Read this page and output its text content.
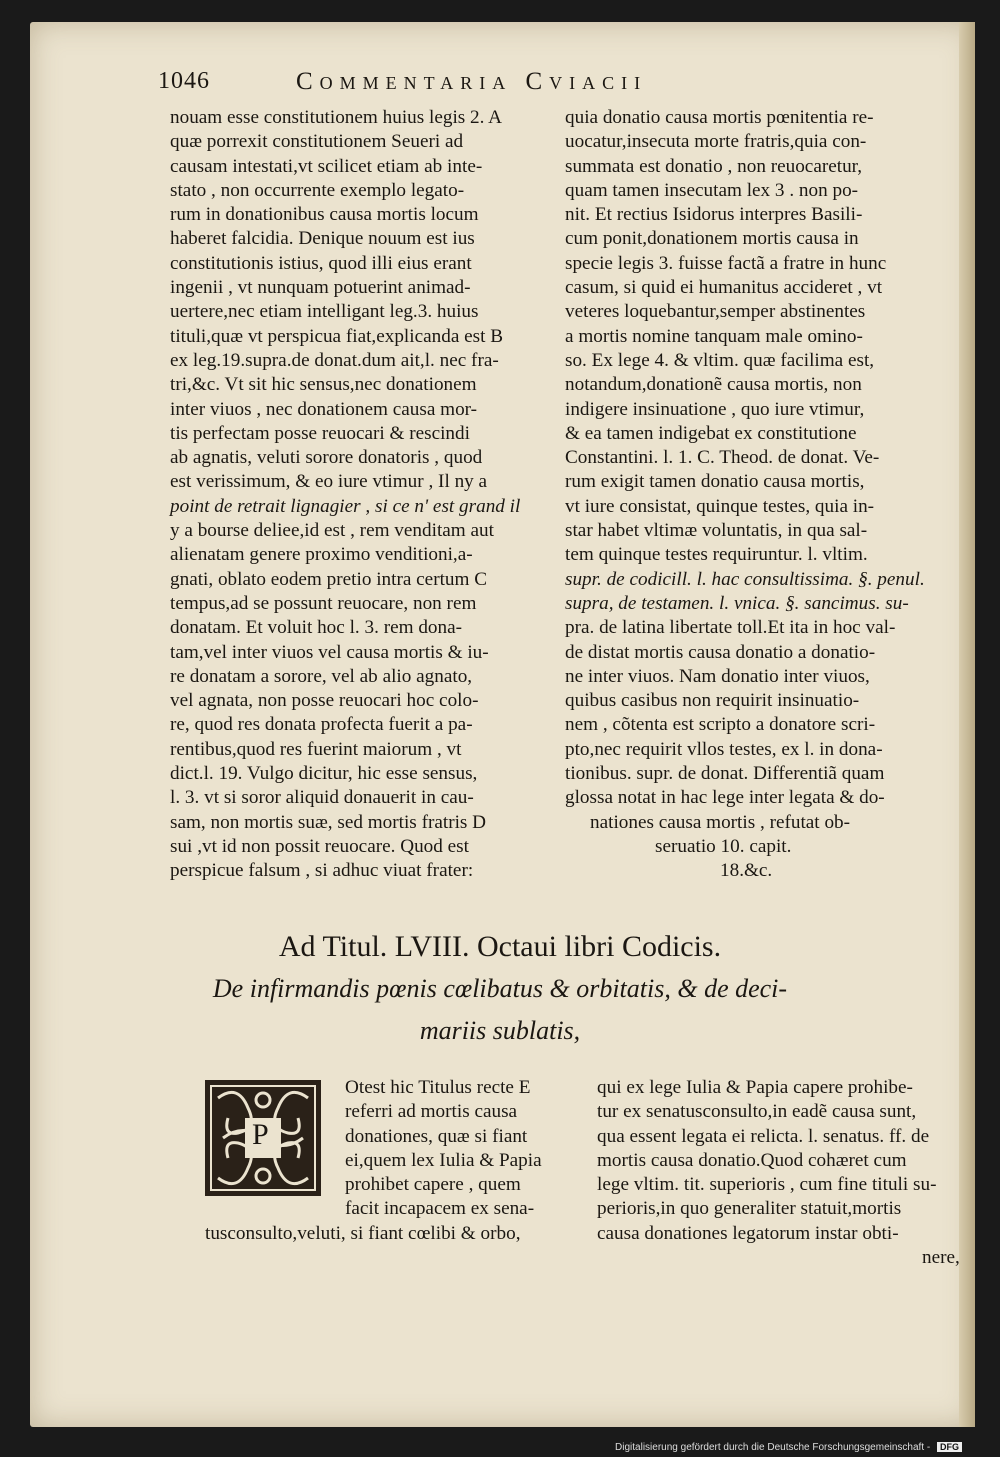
1046	Commentaria Cviacii
nouam esse constitutionem huius legis 2. A
quæ porrexit constitutionem Seueri ad
causam intestati,vt scilicet etiam ab inte-
stato , non occurrente exemplo legato-
rum in donationibus causa mortis locum
haberet falcidia. Denique nouum est ius
constitutionis istius, quod illi eius erant
ingenii , vt nunquam potuerint animad-
uertere,nec etiam intelligant leg.3. huius
tituli,quæ vt perspicua fiat,explicanda est B
ex leg.19.supra.de donat.dum ait,l. nec fra-
tri,&c. Vt sit hic sensus,nec donationem
inter viuos , nec donationem causa mor-
tis perfectam posse reuocari & rescindi
ab agnatis, veluti sorore donatoris , quod
est verissimum, & eo iure vtimur , Il ny a
point de retrait lignagier , si ce n' est grand il
y a bourse deliee,id est , rem venditam aut
alienatam genere proximo venditioni,a-
gnati, oblato eodem pretio intra certum C
tempus,ad se possunt reuocare, non rem
donatam. Et voluit hoc l. 3. rem dona-
tam,vel inter viuos vel causa mortis & iu-
re donatam a sorore, vel ab alio agnato,
vel agnata, non posse reuocari hoc colo-
re, quod res donata profecta fuerit a pa-
rentibus,quod res fuerint maiorum , vt
dict.l. 19. Vulgo dicitur, hic esse sensus,
l. 3. vt si soror aliquid donauerit in cau-
sam, non mortis suæ, sed mortis fratris D
sui ,vt id non possit reuocare. Quod est
perspicue falsum , si adhuc viuat frater:
quia donatio causa mortis pœnitentia re-
uocatur,insecuta morte fratris,quia con-
summata est donatio , non reuocaretur,
quam tamen insecutam lex 3 . non po-
nit. Et rectius Isidorus interpres Basili-
cum ponit,donationem mortis causa in
specie legis 3. fuisse factã a fratre in hunc
casum, si quid ei humanitus accideret , vt
veteres loquebantur,semper abstinentes
a mortis nomine tanquam male omino-
so. Ex lege 4. & vltim. quæ facilima est,
notandum,donationẽ causa mortis, non
indigere insinuatione , quo iure vtimur,
& ea tamen indigebat ex constitutione
Constantini. l. 1. C. Theod. de donat. Ve-
rum exigit tamen donatio causa mortis,
vt iure consistat, quinque testes, quia in-
star habet vltimæ voluntatis, in qua sal-
tem quinque testes requiruntur. l. vltim.
supr. de codicill. l. hac consultissima. §. penul.
supra, de testamen. l. vnica. §. sancimus. su-
pra. de latina libertate toll.Et ita in hoc val-
de distat mortis causa donatio a donatio-
ne inter viuos. Nam donatio inter viuos,
quibus casibus non requirit insinuatio-
nem , cõtenta est scripto a donatore scri-
pto,nec requirit vllos testes, ex l. in dona-
tionibus. supr. de donat. Differentiã quam
glossa notat in hac lege inter legata & do-
nationes causa mortis , refutat ob-
seruatio 10. capit.
18.&c.
Ad Titul. LVIII. Octaui libri Codicis.
De infirmandis pœnis cœlibatus & orbitatis, & de deci-
mariis sublatis,
P
Otest hic Titulus recte E
referri ad mortis causa
donationes, quæ si fiant
ei,quem lex Iulia & Papia
prohibet capere , quem
facit incapacem ex sena-
tusconsulto,veluti, si fiant cœlibi & orbo,
qui ex lege Iulia & Papia capere prohibe-
tur ex senatusconsulto,in eadẽ causa sunt,
qua essent legata ei relicta. l. senatus. ff. de
mortis causa donatio.Quod cohæret cum
lege vltim. tit. superioris , cum fine tituli su-
perioris,in quo generaliter statuit,mortis
causa donationes legatorum instar obti-
nere,
Digitalisierung gefördert durch die Deutsche Forschungsgemeinschaft - DFG
